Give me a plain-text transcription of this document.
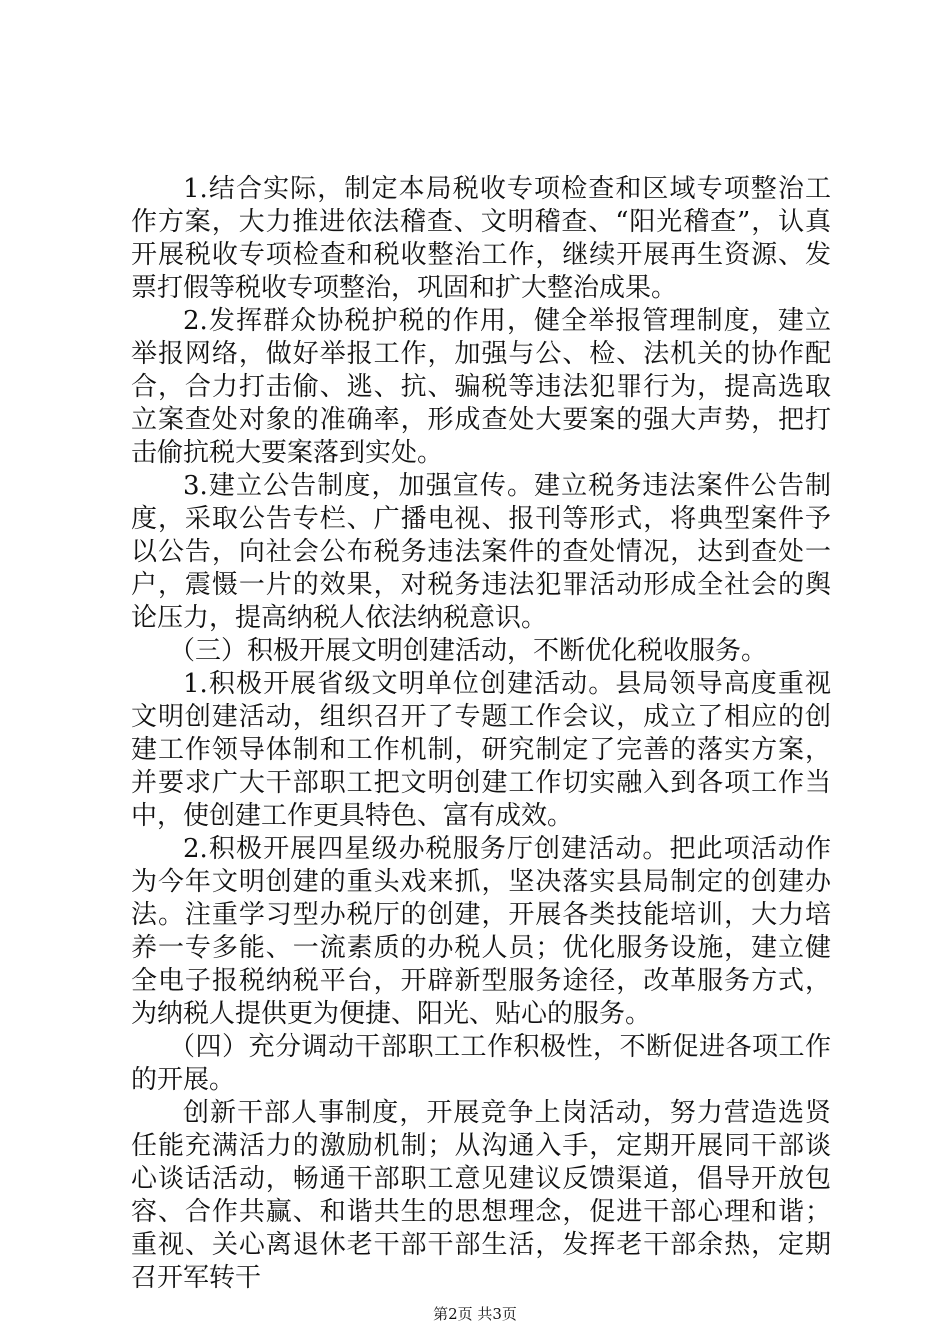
1.结合实际，制定本局税收专项检查和区域专项整治工作方案，大力推进依法稽查、文明稽查、“阳光稽查”，认真开展税收专项检查和税收整治工作，继续开展再生资源、发票打假等税收专项整治，巩固和扩大整治成果。

2.发挥群众协税护税的作用，健全举报管理制度，建立举报网络，做好举报工作，加强与公、检、法机关的协作配合，合力打击偷、逃、抗、骗税等违法犯罪行为，提高选取立案查处对象的准确率，形成查处大要案的强大声势，把打击偷抗税大要案落到实处。

3.建立公告制度，加强宣传。建立税务违法案件公告制度，采取公告专栏、广播电视、报刊等形式，将典型案件予以公告，向社会公布税务违法案件的查处情况，达到查处一户，震慑一片的效果，对税务违法犯罪活动形成全社会的舆论压力，提高纳税人依法纳税意识。

（三）积极开展文明创建活动，不断优化税收服务。

1.积极开展省级文明单位创建活动。县局领导高度重视文明创建活动，组织召开了专题工作会议，成立了相应的创建工作领导体制和工作机制，研究制定了完善的落实方案，并要求广大干部职工把文明创建工作切实融入到各项工作当中，使创建工作更具特色、富有成效。

2.积极开展四星级办税服务厅创建活动。把此项活动作为今年文明创建的重头戏来抓，坚决落实县局制定的创建办法。注重学习型办税厅的创建，开展各类技能培训，大力培养一专多能、一流素质的办税人员；优化服务设施，建立健全电子报税纳税平台，开辟新型服务途径，改革服务方式，为纳税人提供更为便捷、阳光、贴心的服务。

（四）充分调动干部职工工作积极性，不断促进各项工作的开展。

创新干部人事制度，开展竞争上岗活动，努力营造选贤任能充满活力的激励机制；从沟通入手，定期开展同干部谈心谈话活动，畅通干部职工意见建议反馈渠道，倡导开放包容、合作共赢、和谐共生的思想理念，促进干部心理和谐；重视、关心离退休老干部干部生活，发挥老干部余热，定期召开军转干

第2页 共3页
